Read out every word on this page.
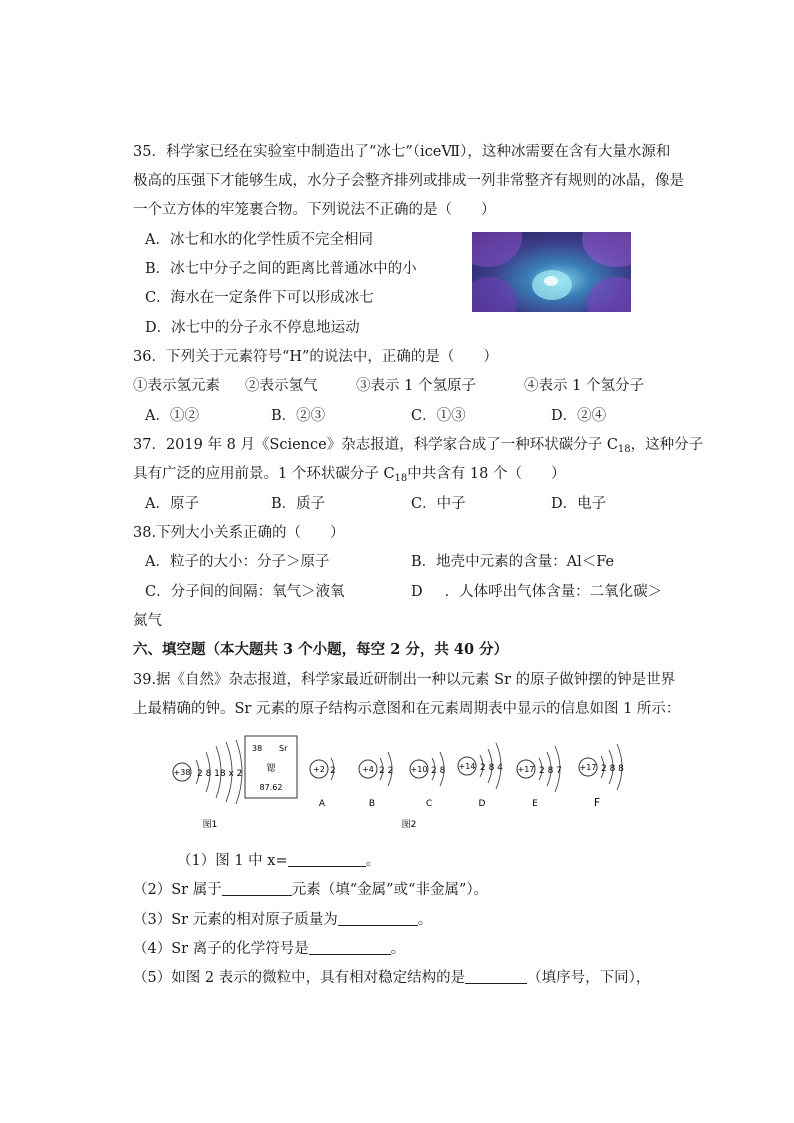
35．科学家已经在实验室中制造出了“冰七”（iceⅦ），这种冰需要在含有大量水源和
极高的压强下才能够生成，水分子会整齐排列或排成一列非常整齐有规则的冰晶，像是
一个立方体的牢笼裹合物。下列说法不正确的是（　　）
A．冰七和水的化学性质不完全相同
B．冰七中分子之间的距离比普通冰中的小
C．海水在一定条件下可以形成冰七
D．冰七中的分子永不停息地运动
36．下列关于元素符号“H”的说法中，正确的是（　　）
①表示氢元素 ②表示氢气	③表示 1 个氢原子	④表示 1 个氢分子
A．①②	B．②③	C．①③	D．②④
37．2019 年 8 月《Science》杂志报道，科学家合成了一种环状碳分子 $C_{18}$，这种分子
具有广泛的应用前景。1 个环状碳分子 $C_{18}$中共含有 18 个（　　）
A．原子	B．质子	C．中子	D．电子
38.下列大小关系正确的（　　）
A．粒子的大小：分子＞原子	B．地壳中元素的含量：Al＜Fe
C．分子间的间隔：氧气＞液氧	D ．人体呼出气体含量：二氧化碳＞
氮气
六、填空题（本大题共 3 个小题，每空 2 分，共 40 分）
39.据《自然》杂志报道，科学家最近研制出一种以元素 Sr 的原子做钟摆的钟是世界
上最精确的钟。Sr 元素的原子结构示意图和在元素周期表中显示的信息如图 1 所示：
+38 2 8 18 x 2
38 Sr
锶
87.62
图1
+2 2
A
+4 2 2
B
+10 2 8
C
+14 2 8 4
D
+17 2 8 7
E
+17 2 8 8
F
图2
（1）图 1 中 x=	。
（2）Sr 属于	元素（填“金属”或“非金属”）。
（3）Sr 元素的相对原子质量为	。
（4）Sr 离子的化学符号是	。
（5）如图 2 表示的微粒中，具有相对稳定结构的是	（填序号，下同），
